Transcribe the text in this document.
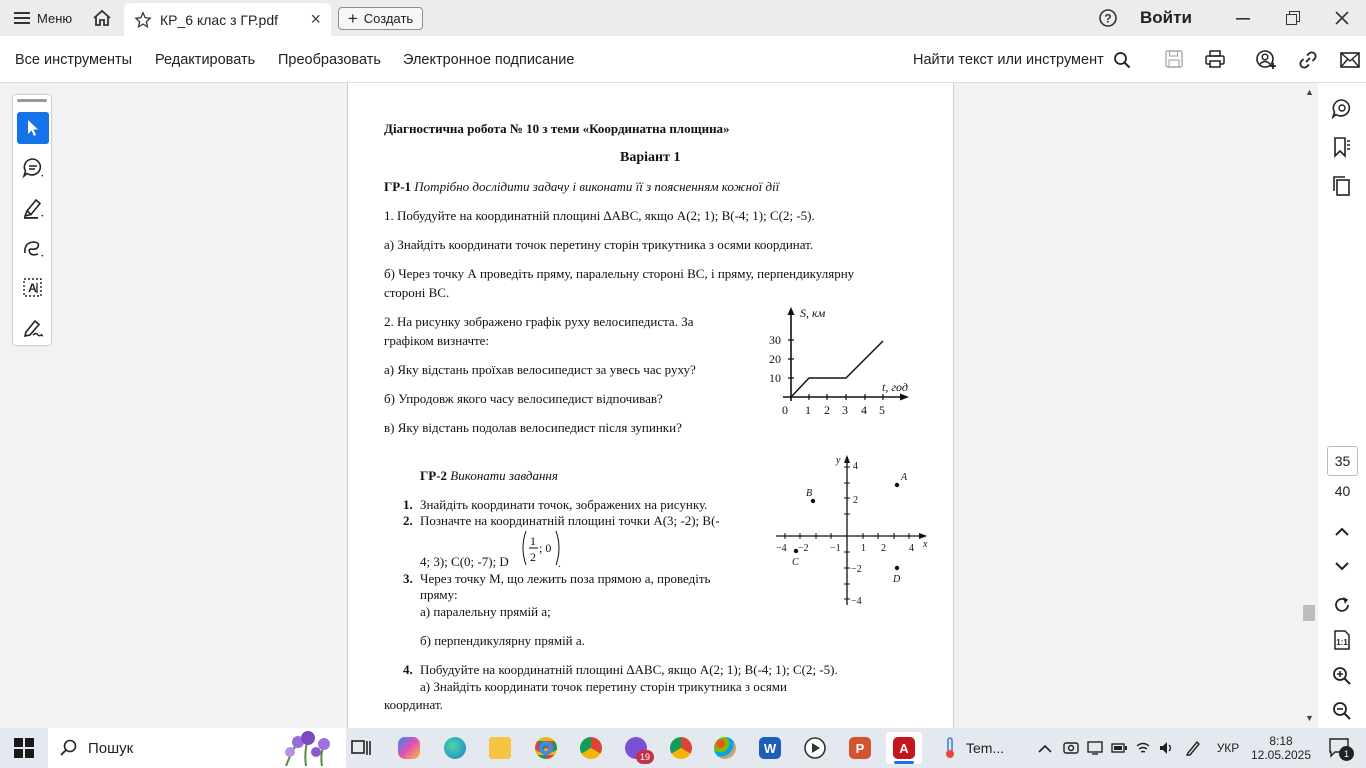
Меню	КР_6 клас з ГР.pdf × + Создать	? Войти
Все инструменты Редактировать Преобразовать Электронное подписание	Найти текст или инструмент
A
Діагностична робота № 10 з теми «Координатна площина»
Варіант 1
ГР-1 Потрібно дослідити задачу і виконати її з поясненням кожної дії
1. Побудуйте на координатній площині ∆АВС, якщо А(2; 1); В(-4; 1); С(2; -5).
а) Знайдіть координати точок перетину сторін трикутника з осями координат.
б) Через точку А проведіть пряму, паралельну стороні ВС, і пряму, перпендикулярну
стороні ВС.
2. На рисунку зображено графік руху велосипедиста. За
графіком визначте:
а) Яку відстань проїхав велосипедист за увесь час руху?
б) Упродовж якого часу велосипедист відпочивав?
в) Яку відстань подолав велосипедист після зупинки?
S, км
t, год
30
20
10
0 1 2 3 4 5
ГР-2 Виконати завдання
1. Знайдіть координати точок, зображених на рисунку.
2. Позначте на координатній площині точки А(3; -2); В(-
4; 3); С(0; -7); D
1
2
; 0
.
3. Через точку М, що лежить поза прямою а, проведіть
пряму:
а) паралельну прямій а;
б) перпендикулярну прямій а.
4. Побудуйте на координатній площині ∆АВС, якщо А(2; 1); В(-4; 1); С(2; -5).
а) Знайдіть координати точок перетину сторін трикутника з осями
координат.
y
x
4
2
−2
−4
−4 −2 −1 1 2 4
A
B
C
D
▲
▼
35
40
1:1
Пошук
19
W	P	A	Tem...	УКР	8:18
12.05.2025	1
